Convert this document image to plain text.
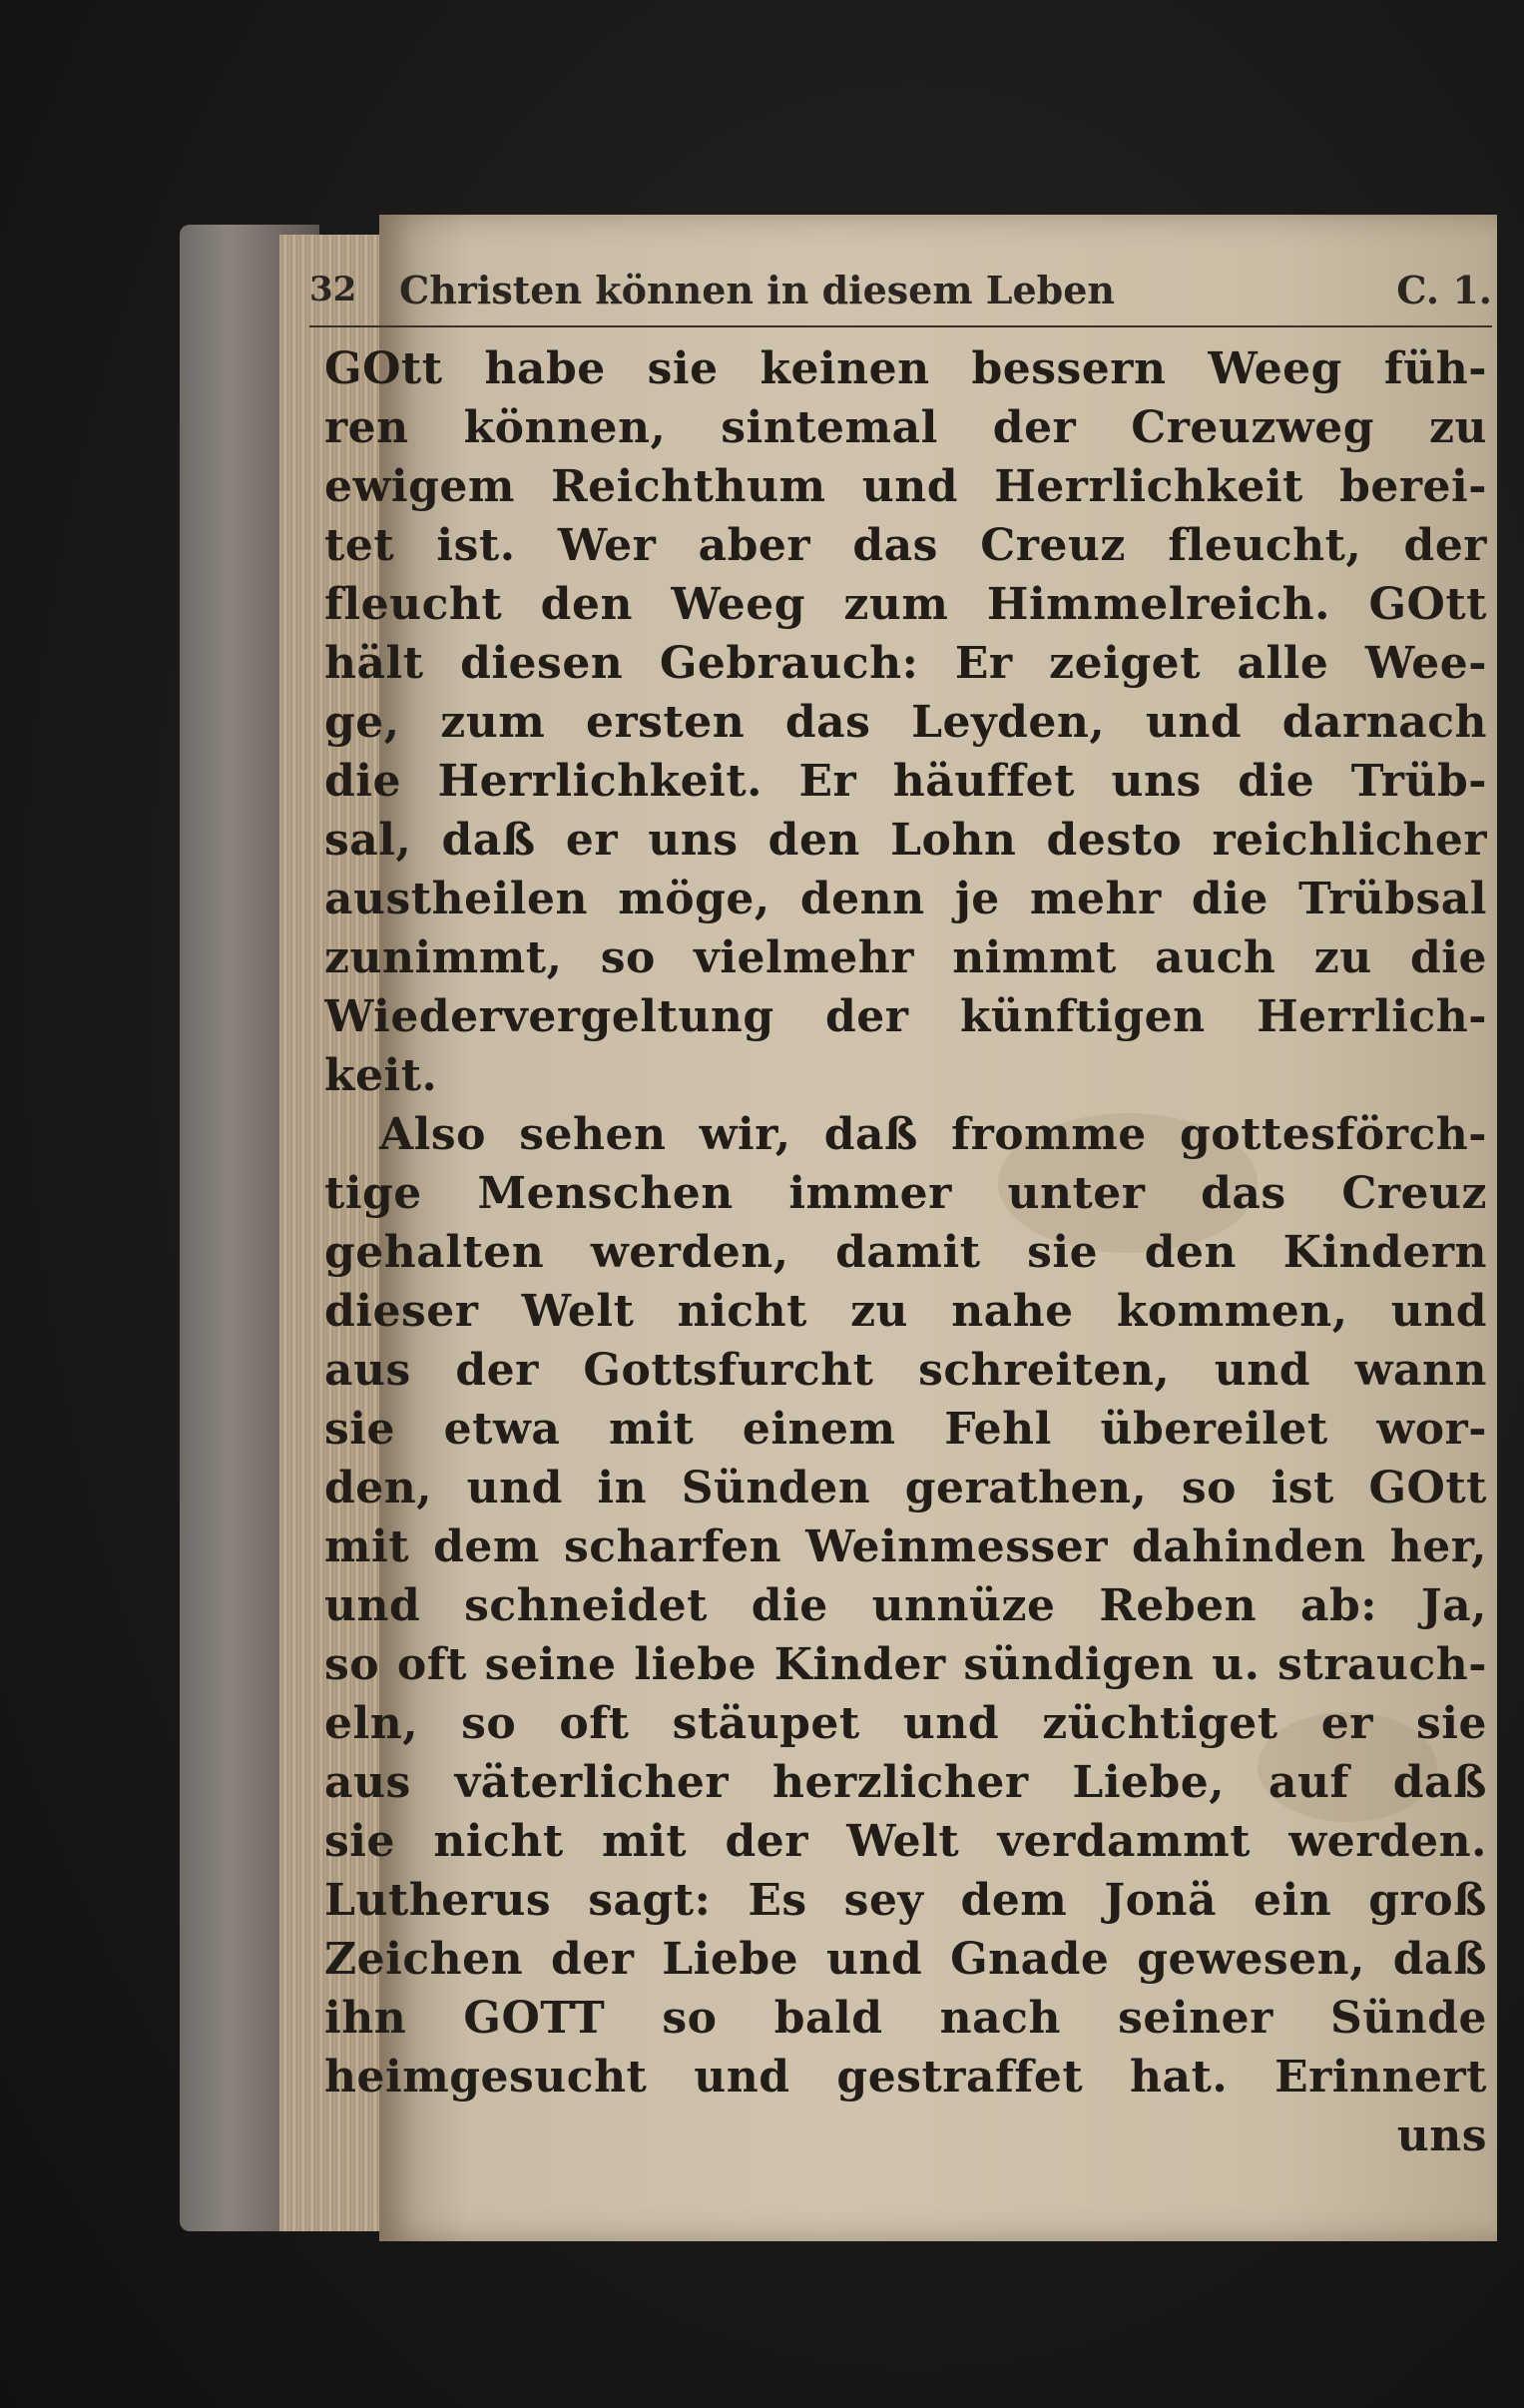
32 Christen können in diesem Leben	C. 1.
GOtt habe sie keinen bessern Weeg füh-
ren können, sintemal der Creuzweg zu
ewigem Reichthum und Herrlichkeit berei-
tet ist. Wer aber das Creuz fleucht, der
fleucht den Weeg zum Himmelreich. GOtt
hält diesen Gebrauch: Er zeiget alle Wee-
ge, zum ersten das Leyden, und darnach
die Herrlichkeit. Er häuffet uns die Trüb-
sal, daß er uns den Lohn desto reichlicher
austheilen möge, denn je mehr die Trübsal
zunimmt, so vielmehr nimmt auch zu die
Wiedervergeltung der künftigen Herrlich-
keit.
Also sehen wir, daß fromme gottesförch-
tige Menschen immer unter das Creuz
gehalten werden, damit sie den Kindern
dieser Welt nicht zu nahe kommen, und
aus der Gottsfurcht schreiten, und wann
sie etwa mit einem Fehl übereilet wor-
den, und in Sünden gerathen, so ist GOtt
mit dem scharfen Weinmesser dahinden her,
und schneidet die unnüze Reben ab: Ja,
so oft seine liebe Kinder sündigen u. strauch-
eln, so oft stäupet und züchtiget er sie
aus väterlicher herzlicher Liebe, auf daß
sie nicht mit der Welt verdammt werden.
Lutherus sagt: Es sey dem Jonä ein groß
Zeichen der Liebe und Gnade gewesen, daß
ihn GOTT so bald nach seiner Sünde
heimgesucht und gestraffet hat. Erinnert
uns
